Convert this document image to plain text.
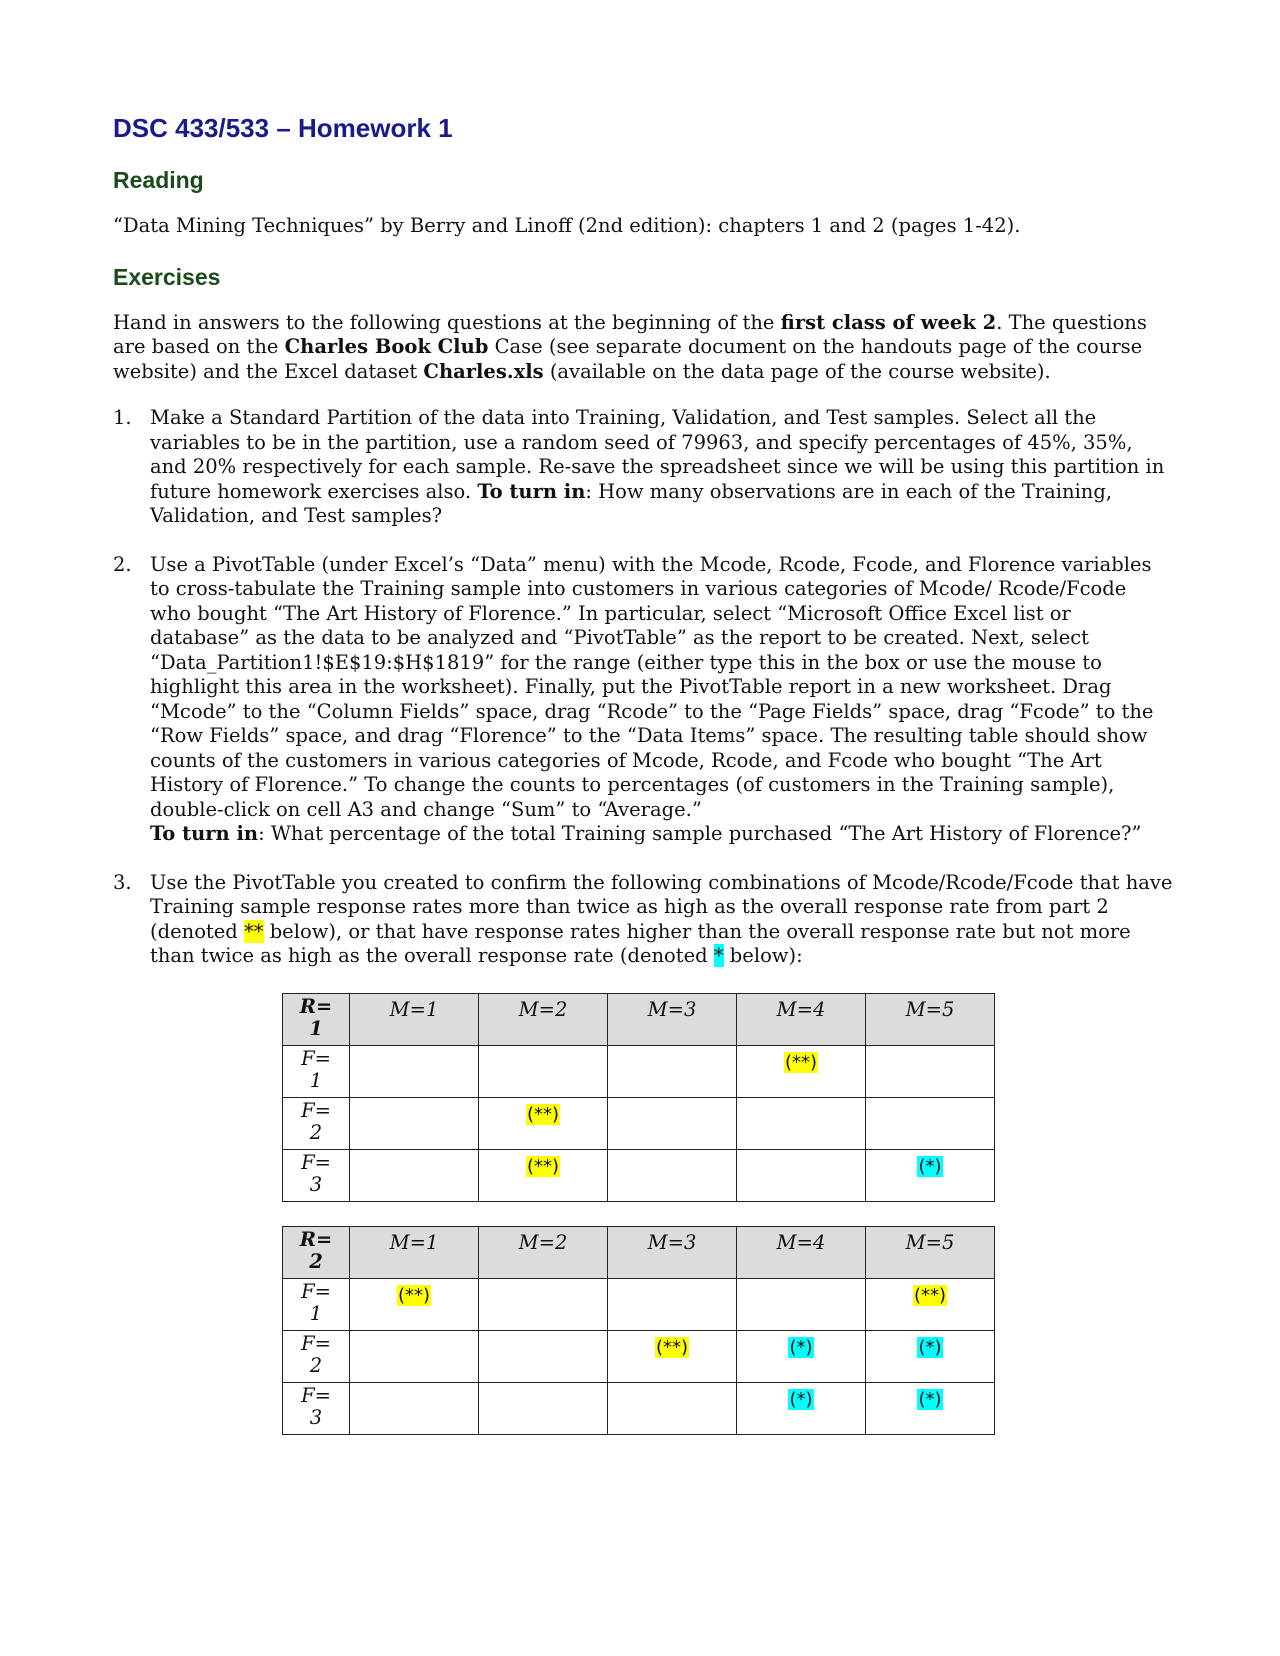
DSC 433/533 – Homework 1
Reading

“Data Mining Techniques” by Berry and Linoff (2nd edition): chapters 1 and 2 (pages 1-42).

Exercises

Hand in answers to the following questions at the beginning of the first class of week 2. The questions are based on the Charles Book Club Case (see separate document on the handouts page of the course website) and the Excel dataset Charles.xls (available on the data page of the course website).

1. Make a Standard Partition of the data into Training, Validation, and Test samples. Select all the variables to be in the partition, use a random seed of 79963, and specify percentages of 45%, 35%, and 20% respectively for each sample. Re-save the spreadsheet since we will be using this partition in future homework exercises also. To turn in: How many observations are in each of the Training, Validation, and Test samples?
2. Use a PivotTable (under Excel’s “Data” menu) with the Mcode, Rcode, Fcode, and Florence variables to cross-tabulate the Training sample into customers in various categories of Mcode/ Rcode/Fcode who bought “The Art History of Florence.” In particular, select “Microsoft Office Excel list or database” as the data to be analyzed and “PivotTable” as the report to be created. Next, select “Data_Partition1!$E$19:$H$1819” for the range (either type this in the box or use the mouse to highlight this area in the worksheet). Finally, put the PivotTable report in a new worksheet. Drag “Mcode” to the “Column Fields” space, drag “Rcode” to the “Page Fields” space, drag “Fcode” to the “Row Fields” space, and drag “Florence” to the “Data Items” space. The resulting table should show counts of the customers in various categories of Mcode, Rcode, and Fcode who bought “The Art History of Florence.” To change the counts to percentages (of customers in the Training sample), double-click on cell A3 and change “Sum” to “Average.”
To turn in: What percentage of the total Training sample purchased “The Art History of Florence?”
3. Use the PivotTable you created to confirm the following combinations of Mcode/Rcode/Fcode that have Training sample response rates more than twice as high as the overall response rate from part 2 (denoted ** below), or that have response rates higher than the overall response rate but not more than twice as high as the overall response rate (denoted * below):
R=
1	M=1	M=2	M=3	M=4	M=5

F=
1				(**)	

F=
2		(**)			

F=
3		(**)			(*)
R=
2	M=1	M=2	M=3	M=4	M=5

F=
1	(**)				(**)

F=
2			(**)	(*)	(*)

F=
3				(*)	(*)
